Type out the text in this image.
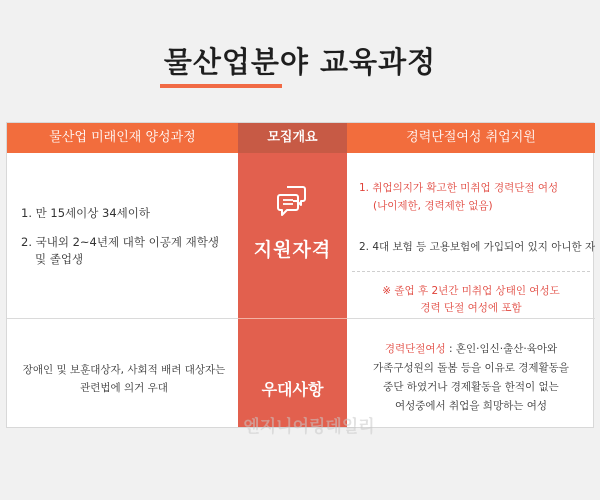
물산업분야 교육과정
물산업 미래인재 양성과정	모집개요	경력단절여성 취업지원
지원자격
우대사항
1. 만 15세이상 34세이하
2. 국내외 2~4년제 대학 이공계 재학생
및 졸업생
장애인 및 보훈대상자, 사회적 배려 대상자는
관련법에 의거 우대
1. 취업의지가 확고한 미취업 경력단절 여성
(나이제한, 경력제한 없음)
2. 4대 보험 등 고용보험에 가입되어 있지 아니한 자
※ 졸업 후 2년간 미취업 상태인 여성도
경력 단절 여성에 포함
경력단절여성 : 혼인·임신·출산·육아와
가족구성원의 돌봄 등을 이유로 경제활동을
중단 하였거나 경제활동을 한적이 없는
여성중에서 취업을 희망하는 여성
엔지니어링데일리
